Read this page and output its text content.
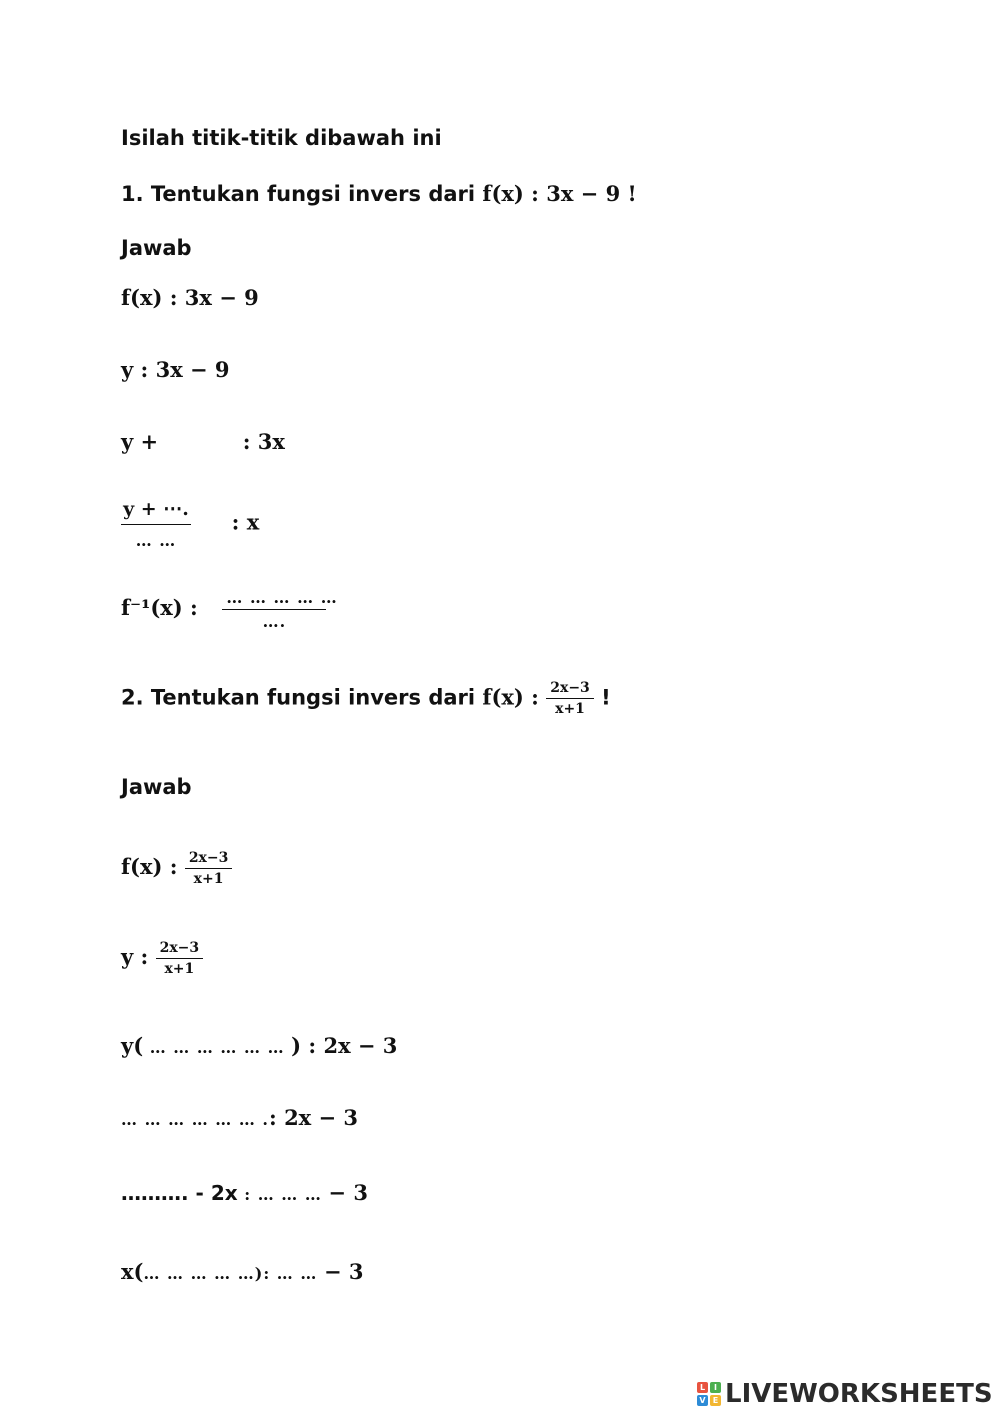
Isilah titik-titik dibawah ini
1. Tentukan fungsi invers dari f(x) : 3x − 9 !
Jawab
f(x) : 3x − 9
y : 3x − 9
y +	: 3x
$\frac{y + \cdots.}{\dots \dots}$ : x
f⁻¹(x) : $\frac{\dots \dots \dots \dots \dots}{\dots.}$
2. Tentukan fungsi invers dari f(x) : $\frac{2x-3}{x+1}$ !
Jawab
f(x) : $\frac{2x-3}{x+1}$
y : $\frac{2x-3}{x+1}$
y( … … … … … … ) : 2x − 3
… … … … … … .: 2x − 3
………. - 2x : … … … − 3
x(… … … … …): … … − 3
L	I
V E LIVEWORKSHEETS
